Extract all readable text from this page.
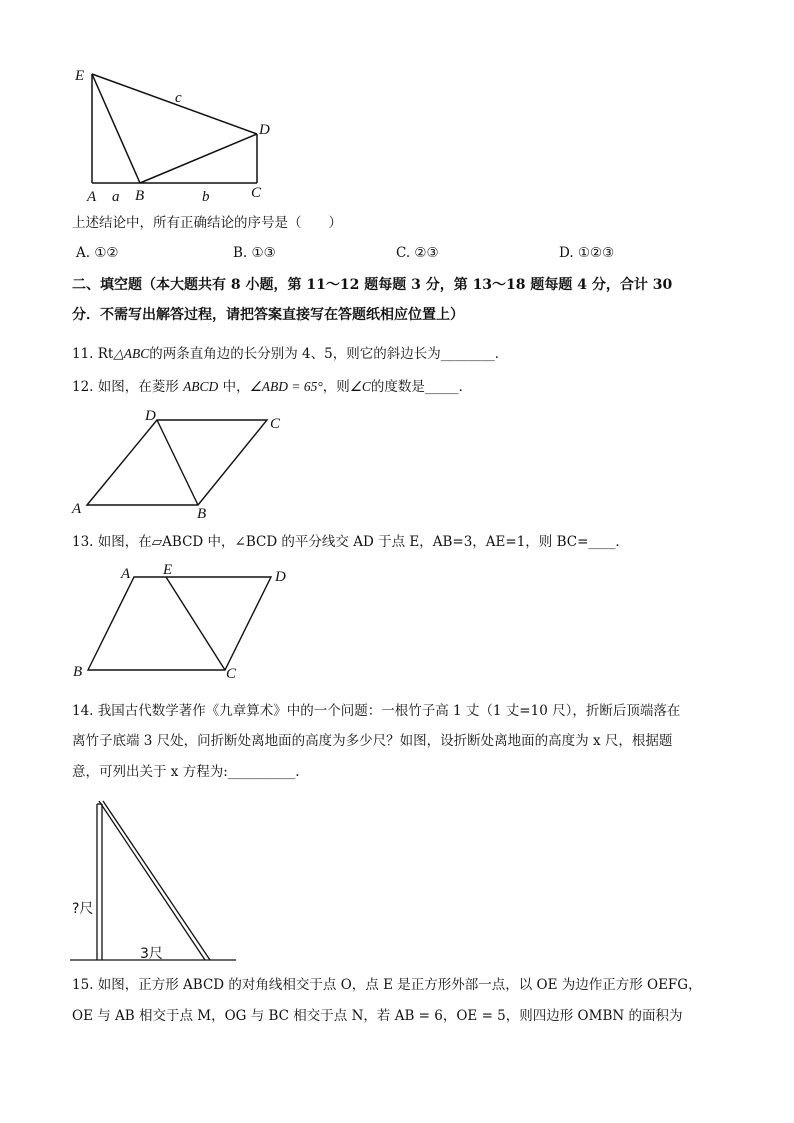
E
c
D
A a B	b	C
上述结论中，所有正确结论的序号是（　　）
A. ①②	B. ①③	C. ②③	D. ①②③
二、填空题（本大题共有 8 小题，第 11～12 题每题 3 分，第 13～18 题每题 4 分，合计 30
分．不需写出解答过程，请把答案直接写在答题纸相应位置上）
11. Rt△ABC的两条直角边的长分别为 4、5，则它的斜边长为________．
12. 如图，在菱形 ABCD 中，∠ABD = 65°，则∠C的度数是_____．
D	C
A	B
13. 如图，在▱ABCD 中，∠BCD 的平分线交 AD 于点 E，AB=3，AE=1，则 BC=____．
A E	D
B	C
14. 我国古代数学著作《九章算术》中的一个问题：一根竹子高 1 丈（1 丈=10 尺），折断后顶端落在
离竹子底端 3 尺处，问折断处离地面的高度为多少尺？如图，设折断处离地面的高度为 x 尺，根据题
意，可列出关于 x 方程为:__________.
?尺
3尺
15. 如图，正方形 ABCD 的对角线相交于点 O，点 E 是正方形外部一点，以 OE 为边作正方形 OEFG，
OE 与 AB 相交于点 M，OG 与 BC 相交于点 N，若 AB = 6，OE = 5，则四边形 OMBN 的面积为
